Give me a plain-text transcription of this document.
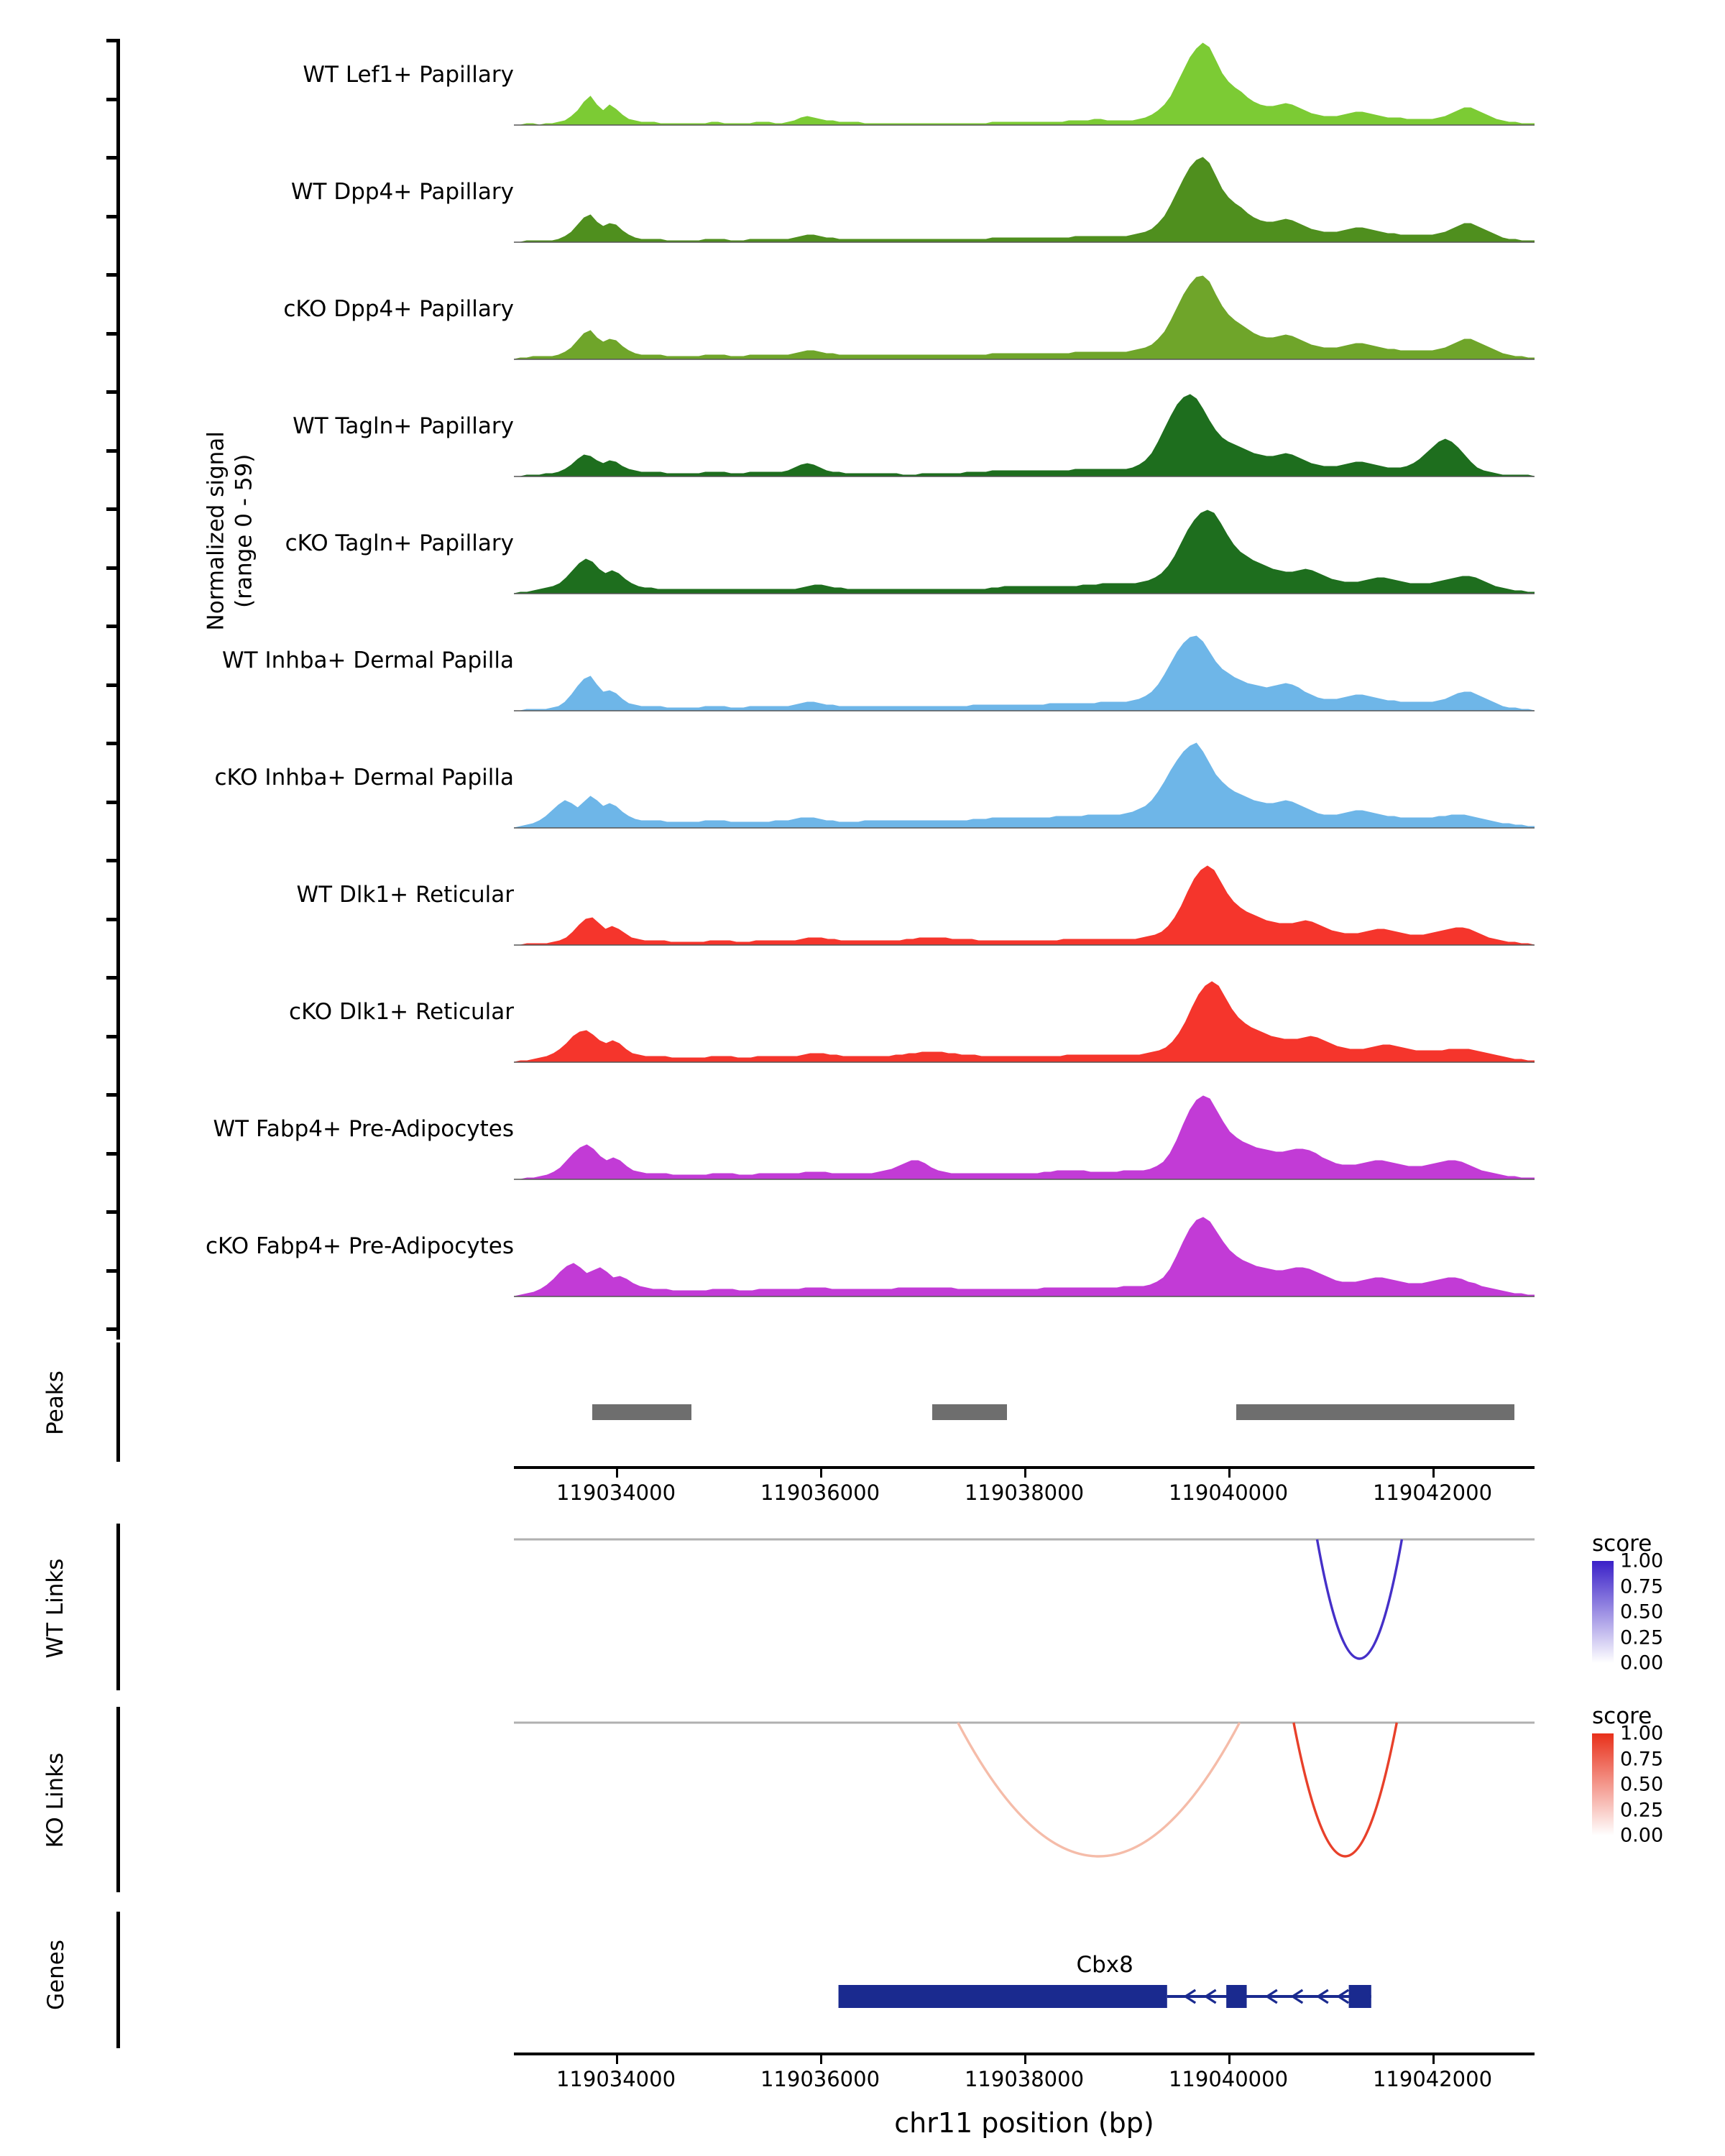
Normalized signal
(range 0 - 59)
WT Lef1+ Papillary
WT Dpp4+ Papillary
cKO Dpp4+ Papillary
WT Tagln+ Papillary
cKO Tagln+ Papillary
WT Inhba+ Dermal Papilla
cKO Inhba+ Dermal Papilla
WT Dlk1+ Reticular
cKO Dlk1+ Reticular
WT Fabp4+ Pre-Adipocytes
cKO Fabp4+ Pre-Adipocytes
Peaks
119034000	119036000	119038000	119040000	119042000
WT Links
score
1.00
0.75
0.50
0.25
0.00
KO Links
score
1.00
0.75
0.50
0.25
0.00
Genes	Cbx8
119034000	119036000	119038000	119040000	119042000
chr11 position (bp)
